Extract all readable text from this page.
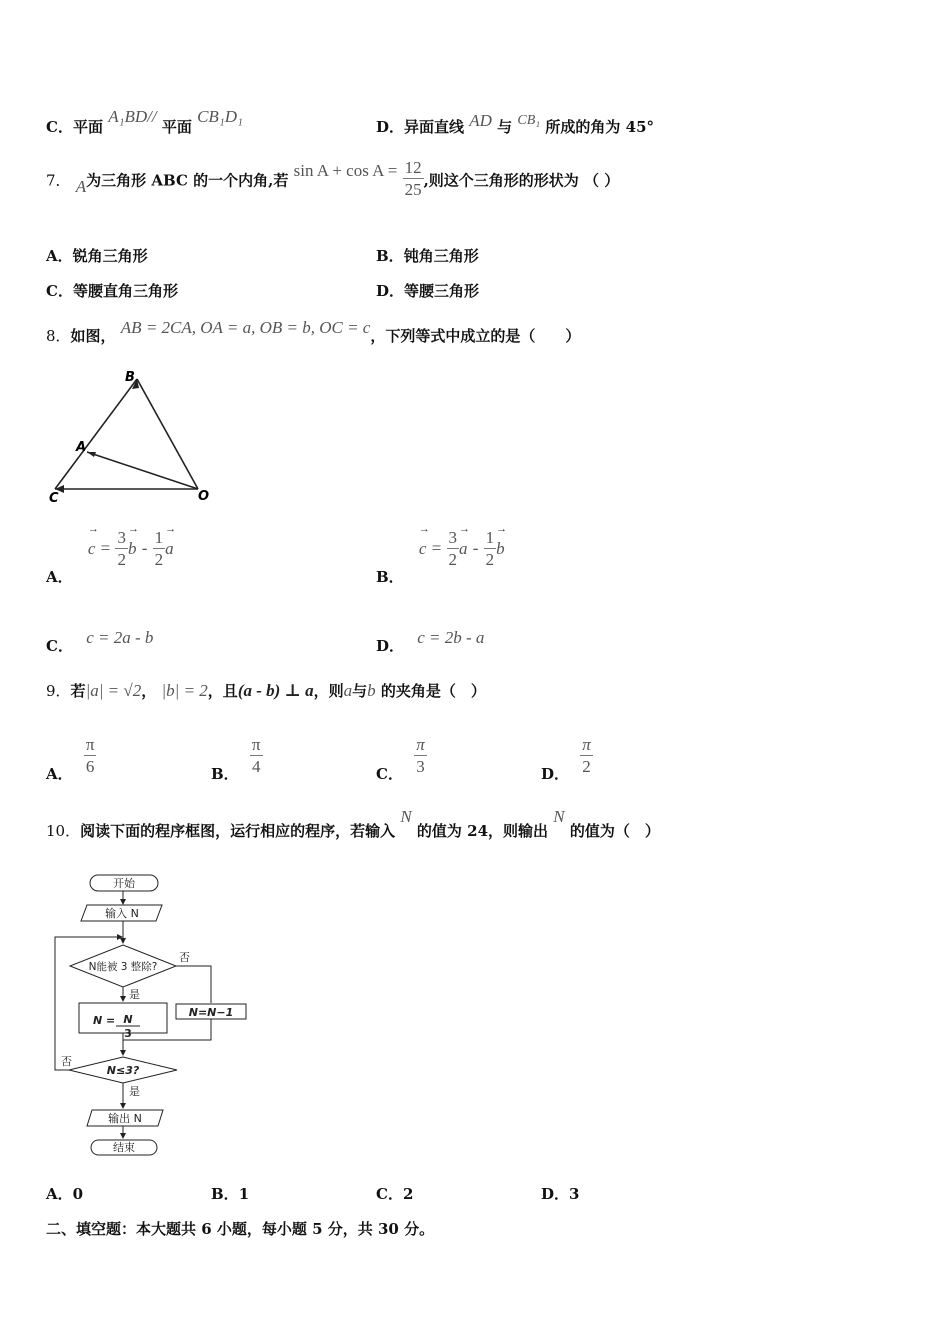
C．平面 A₁BD// 平面 CB₁D₁
D．异面直线 AD 与 CB₁ 所成的角为 45°
7． A为三角形 ABC 的一个内角,若 $\sin A + \cos A = \frac{12}{25}$ ,则这个三角形的形状为 （ ）
A．锐角三角形	B．钝角三角形
C．等腰直角三角形	D．等腰三角形
8．如图， AB = 2CA, OA = a, OB = b, OC = c，下列等式中成立的是（　　）
B
A
C	O
A． → $c = \frac{3}{2}$
→ b - $\frac{1}{2}$
→ a
B． → $c = \frac{3}{2}$
→ a - $\frac{1}{2}$
→ b
C． c = 2a - b	D． c = 2b - a
9．若|a| = √2， |b| = 2，且(a - b) ⊥ a，则a与b 的夹角是（　）
A． $\frac{\pi}{6}$	B． $\frac{\pi}{4}$	C． $\frac{\pi}{3}$	D． $\frac{\pi}{2}$
10．阅读下面的程序框图，运行相应的程序，若输入 N 的值为 24，则输出 N 的值为（　）
开始
输入 N
N能被 3 整除?
否
是
N = N
3
N=N−1
N≤3?
否
是
输出 N
结束
A．0	B．1	C．2	D．3
二、填空题：本大题共 6 小题，每小题 5 分，共 30 分。
